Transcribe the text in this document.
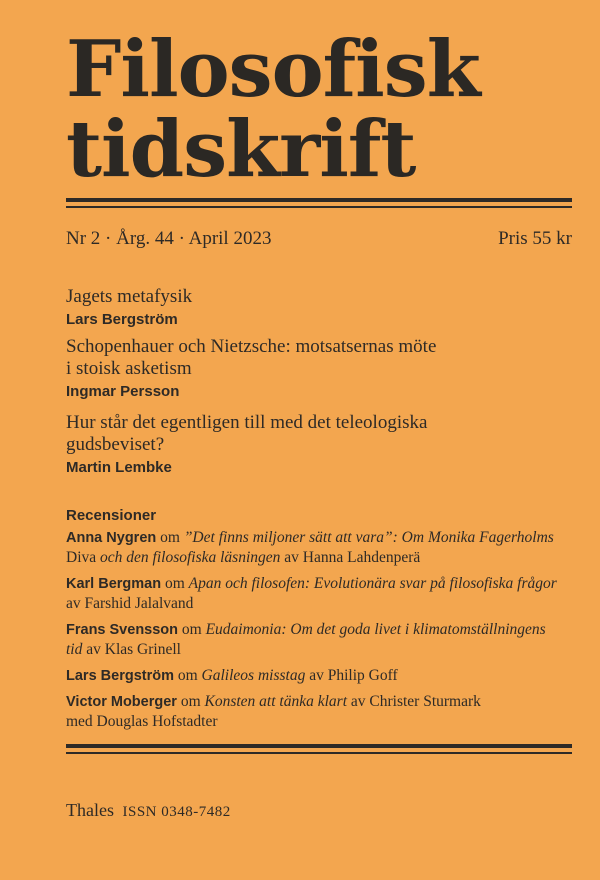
Filosofisk
tidskrift
Nr 2 · Årg. 44 · April 2023	Pris 55 kr
Jagets metafysik
Lars Bergström
Schopenhauer och Nietzsche: motsatsernas möte
i stoisk asketism
Ingmar Persson
Hur står det egentligen till med det teleologiska
gudsbeviset?
Martin Lembke
Recensioner
Anna Nygren om ”Det finns miljoner sätt att vara”: Om Monika Fagerholms
Diva och den filosofiska läsningen av Hanna Lahdenperä
Karl Bergman om Apan och filosofen: Evolutionära svar på filosofiska frågor
av Farshid Jalalvand
Frans Svensson om Eudaimonia: Om det goda livet i klimatomställningens
tid av Klas Grinell
Lars Bergström om Galileos misstag av Philip Goff
Victor Moberger om Konsten att tänka klart av Christer Sturmark
med Douglas Hofstadter
Thales ISSN 0348-7482
